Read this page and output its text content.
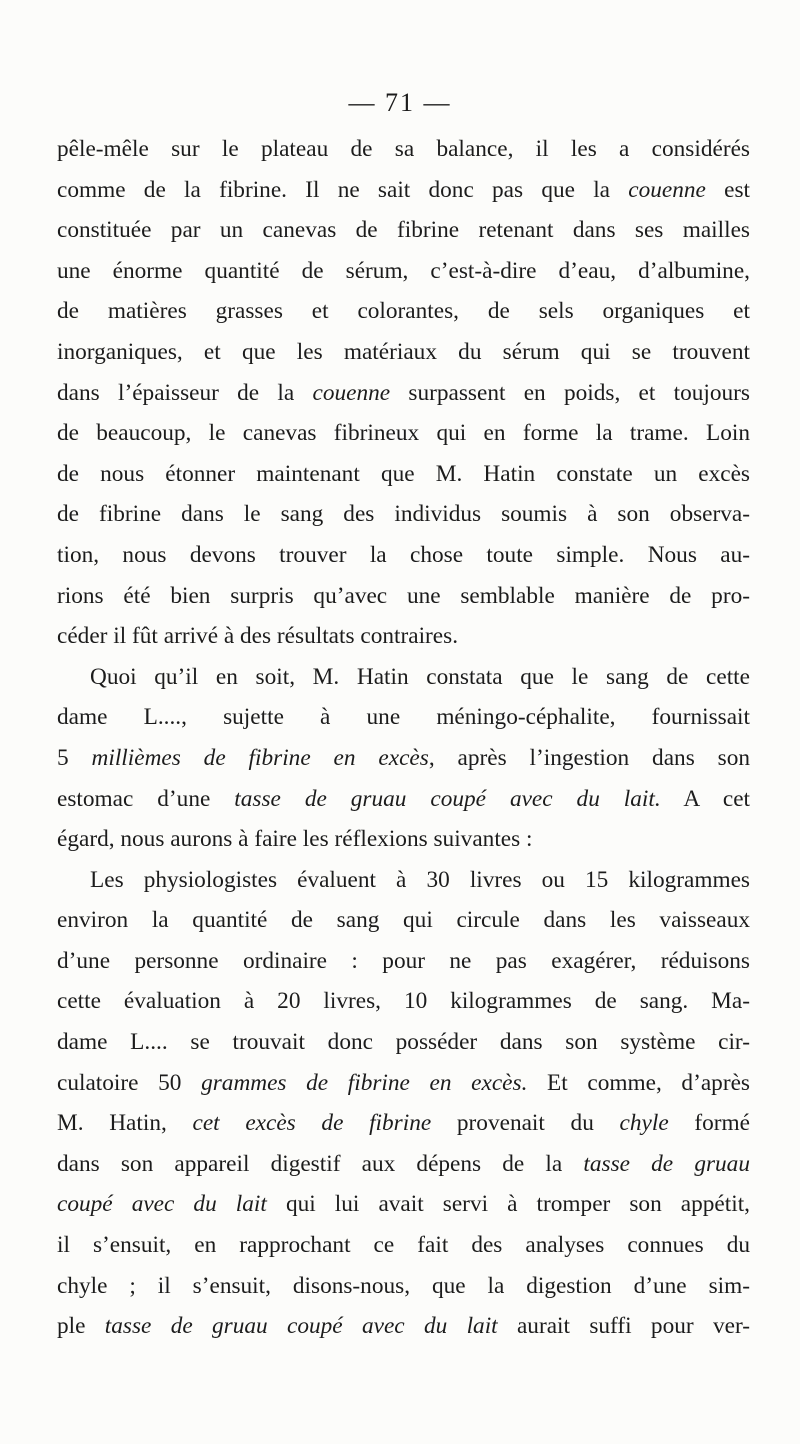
— 71 —
pêle-mêle sur le plateau de sa balance, il les a considérés
comme de la fibrine. Il ne sait donc pas que la couenne est
constituée par un canevas de fibrine retenant dans ses mailles
une énorme quantité de sérum, c’est-à-dire d’eau, d’albumine,
de matières grasses et colorantes, de sels organiques et
inorganiques, et que les matériaux du sérum qui se trouvent
dans l’épaisseur de la couenne surpassent en poids, et toujours
de beaucoup, le canevas fibrineux qui en forme la trame. Loin
de nous étonner maintenant que M. Hatin constate un excès
de fibrine dans le sang des individus soumis à son observa-
tion, nous devons trouver la chose toute simple. Nous au-
rions été bien surpris qu’avec une semblable manière de pro-
céder il fût arrivé à des résultats contraires.
Quoi qu’il en soit, M. Hatin constata que le sang de cette
dame L...., sujette à une méningo-céphalite, fournissait
5 millièmes de fibrine en excès, après l’ingestion dans son
estomac d’une tasse de gruau coupé avec du lait. A cet
égard, nous aurons à faire les réflexions suivantes :
Les physiologistes évaluent à 30 livres ou 15 kilogrammes
environ la quantité de sang qui circule dans les vaisseaux
d’une personne ordinaire : pour ne pas exagérer, réduisons
cette évaluation à 20 livres, 10 kilogrammes de sang. Ma-
dame L.... se trouvait donc posséder dans son système cir-
culatoire 50 grammes de fibrine en excès. Et comme, d’après
M. Hatin, cet excès de fibrine provenait du chyle formé
dans son appareil digestif aux dépens de la tasse de gruau
coupé avec du lait qui lui avait servi à tromper son appétit,
il s’ensuit, en rapprochant ce fait des analyses connues du
chyle ; il s’ensuit, disons-nous, que la digestion d’une sim-
ple tasse de gruau coupé avec du lait aurait suffi pour ver-
